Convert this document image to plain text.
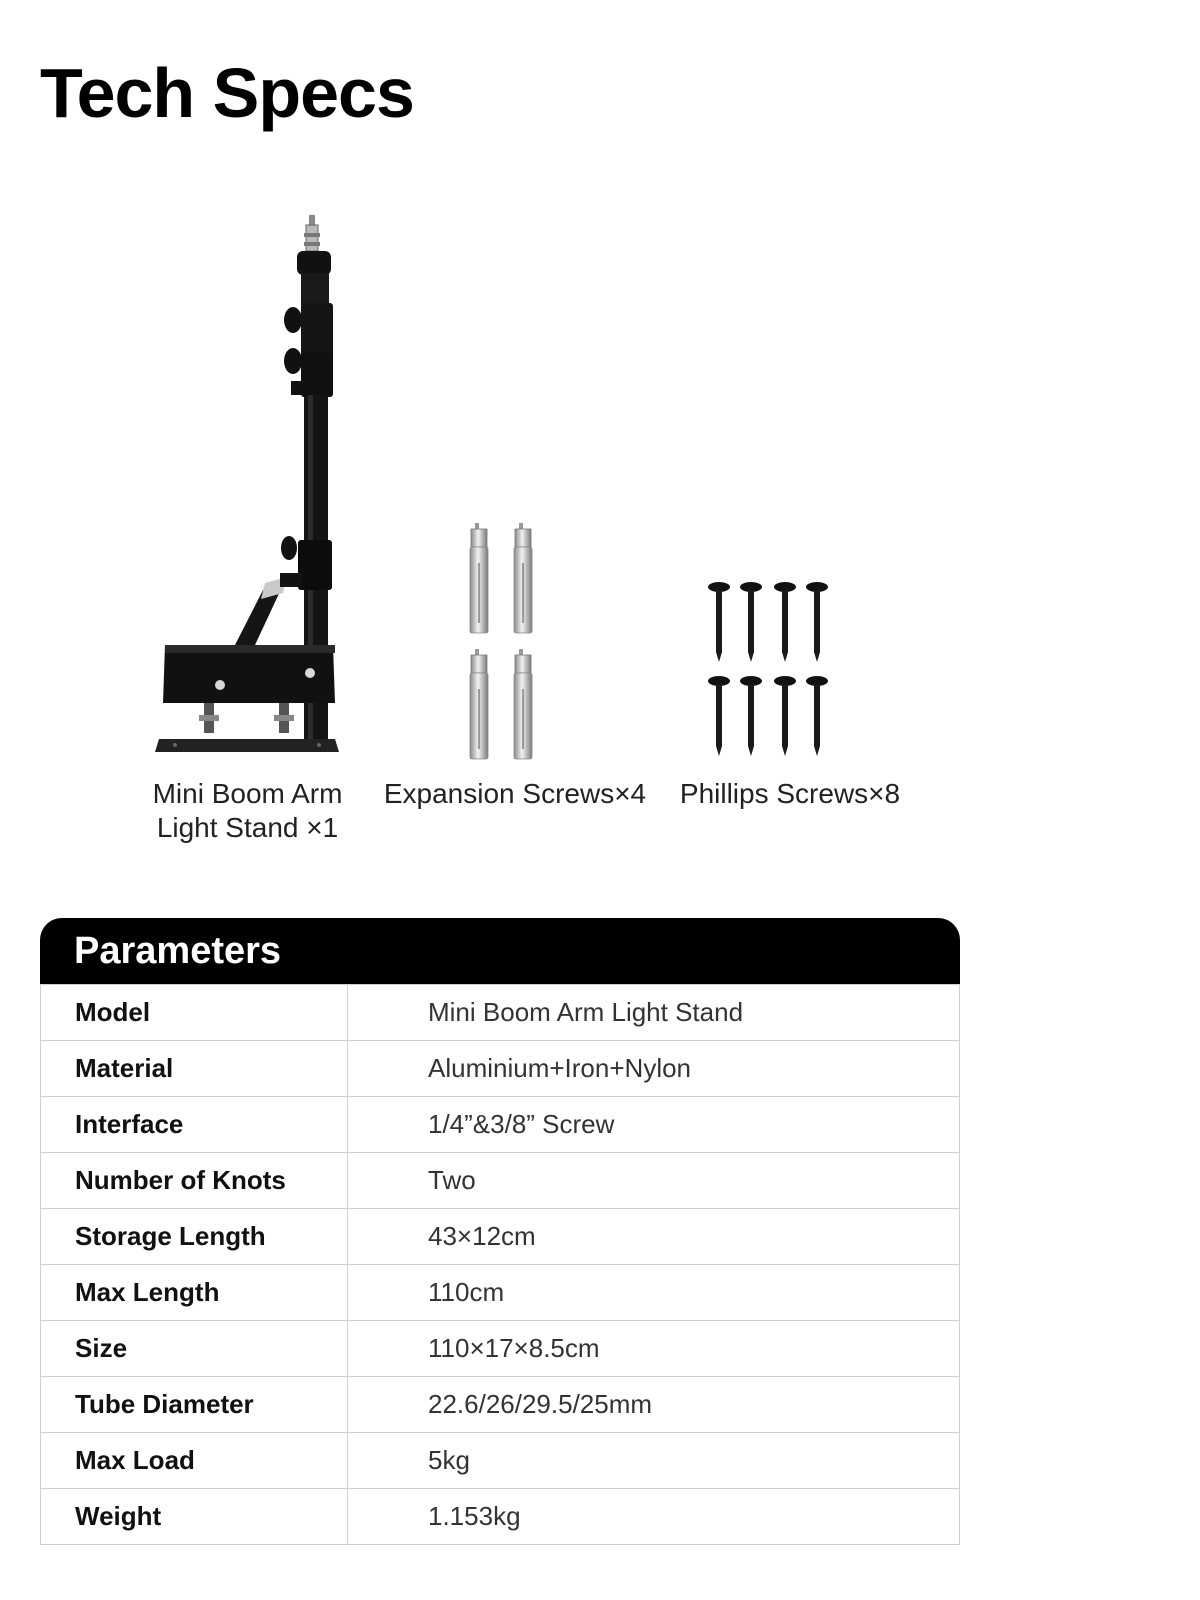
Tech Specs
Mini Boom Arm
Light Stand ×1
Expansion Screws×4	Phillips Screws×8
Parameters
Model	Mini Boom Arm Light Stand
Material	Aluminium+Iron+Nylon
Interface	1/4”&3/8” Screw
Number of Knots	Two
Storage Length	43×12cm
Max Length	110cm
Size	110×17×8.5cm
Tube Diameter	22.6/26/29.5/25mm
Max Load	5kg
Weight	1.153kg
